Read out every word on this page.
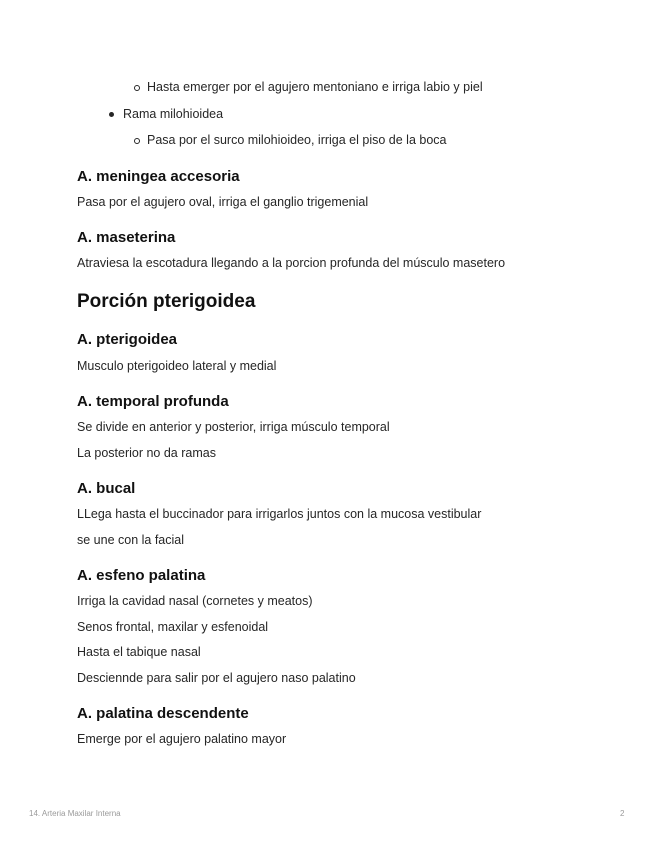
Hasta emerger por el agujero mentoniano e irriga labio y piel
Rama milohioidea
Pasa por el surco milohioideo, irriga el piso de la boca
A. meningea accesoria
Pasa por el agujero oval, irriga el ganglio trigemenial
A. maseterina
Atraviesa la escotadura llegando a la porcion profunda del músculo masetero
Porción pterigoidea
A. pterigoidea
Musculo pterigoideo lateral y medial
A. temporal profunda
Se divide en anterior y posterior, irriga músculo temporal
La posterior no da ramas
A. bucal
LLega hasta el buccinador para irrigarlos juntos con la mucosa vestibular
se une con la facial
A. esfeno palatina
Irriga la cavidad nasal (cornetes y meatos)
Senos frontal, maxilar y esfenoidal
Hasta el tabique nasal
Desciennde para salir por el agujero naso palatino
A. palatina descendente
Emerge por el agujero palatino mayor
14. Arteria Maxilar Interna	2
